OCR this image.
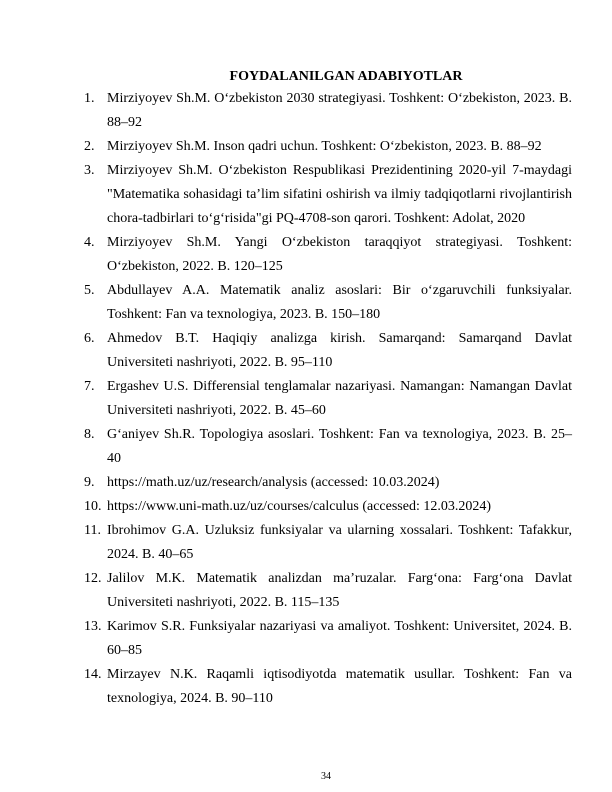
FOYDALANILGAN ADABIYOTLAR
1. Mirziyoyev Sh.M. O‘zbekiston 2030 strategiyasi. Toshkent: O‘zbekiston, 2023. B. 88–92
2. Mirziyoyev Sh.M. Inson qadri uchun. Toshkent: O‘zbekiston, 2023. B. 88–92
3. Mirziyoyev Sh.M. O‘zbekiston Respublikasi Prezidentining 2020-yil 7-maydagi "Matematika sohasidagi ta’lim sifatini oshirish va ilmiy tadqiqotlarni rivojlantirish chora-tadbirlari to‘g‘risida"gi PQ-4708-son qarori. Toshkent: Adolat, 2020
4. Mirziyoyev Sh.M. Yangi O‘zbekiston taraqqiyot strategiyasi. Toshkent: O‘zbekiston, 2022. B. 120–125
5. Abdullayev A.A. Matematik analiz asoslari: Bir o‘zgaruvchili funksiyalar. Toshkent: Fan va texnologiya, 2023. B. 150–180
6. Ahmedov B.T. Haqiqiy analizga kirish. Samarqand: Samarqand Davlat Universiteti nashriyoti, 2022. B. 95–110
7. Ergashev U.S. Differensial tenglamalar nazariyasi. Namangan: Namangan Davlat Universiteti nashriyoti, 2022. B. 45–60
8. G‘aniyev Sh.R. Topologiya asoslari. Toshkent: Fan va texnologiya, 2023. B. 25–40
9. https://math.uz/uz/research/analysis (accessed: 10.03.2024)
10. https://www.uni-math.uz/uz/courses/calculus (accessed: 12.03.2024)
11. Ibrohimov G.A. Uzluksiz funksiyalar va ularning xossalari. Toshkent: Tafakkur, 2024. B. 40–65
12. Jalilov M.K. Matematik analizdan ma’ruzalar. Farg‘ona: Farg‘ona Davlat Universiteti nashriyoti, 2022. B. 115–135
13. Karimov S.R. Funksiyalar nazariyasi va amaliyot. Toshkent: Universitet, 2024. B. 60–85
14. Mirzayev N.K. Raqamli iqtisodiyotda matematik usullar. Toshkent: Fan va texnologiya, 2024. B. 90–110
34
